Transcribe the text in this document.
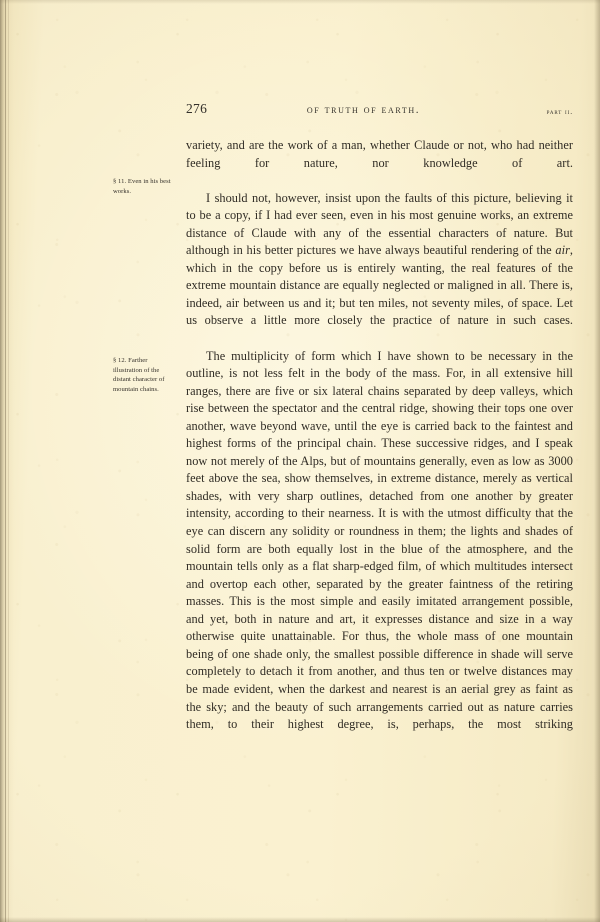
276	of truth of earth.	part ii.
§ 11. Even in his best works.
§ 12. Farther illustration of the distant character of mountain chains.

variety, and are the work of a man, whether Claude or not, who had neither feeling for nature, nor knowledge of art.

I should not, however, insist upon the faults of this picture, believing it to be a copy, if I had ever seen, even in his most genuine works, an extreme distance of Claude with any of the essential characters of nature. But although in his better pictures we have always beautiful rendering of the air, which in the copy before us is entirely wanting, the real features of the extreme mountain distance are equally neglected or maligned in all. There is, indeed, air between us and it; but ten miles, not seventy miles, of space. Let us observe a little more closely the practice of nature in such cases.

The multiplicity of form which I have shown to be necessary in the outline, is not less felt in the body of the mass. For, in all extensive hill ranges, there are five or six lateral chains separated by deep valleys, which rise between the spectator and the central ridge, showing their tops one over another, wave beyond wave, until the eye is carried back to the faintest and highest forms of the principal chain. These successive ridges, and I speak now not merely of the Alps, but of mountains generally, even as low as 3000 feet above the sea, show themselves, in extreme distance, merely as vertical shades, with very sharp outlines, detached from one another by greater intensity, according to their nearness. It is with the utmost difficulty that the eye can discern any solidity or roundness in them; the lights and shades of solid form are both equally lost in the blue of the atmosphere, and the mountain tells only as a flat sharp-edged film, of which multitudes intersect and overtop each other, separated by the greater faintness of the retiring masses. This is the most simple and easily imitated arrangement possible, and yet, both in nature and art, it expresses distance and size in a way otherwise quite unattainable. For thus, the whole mass of one mountain being of one shade only, the smallest possible difference in shade will serve completely to detach it from another, and thus ten or twelve distances may be made evident, when the darkest and nearest is an aerial grey as faint as the sky; and the beauty of such arrangements carried out as nature carries them, to their highest degree, is, perhaps, the most striking
